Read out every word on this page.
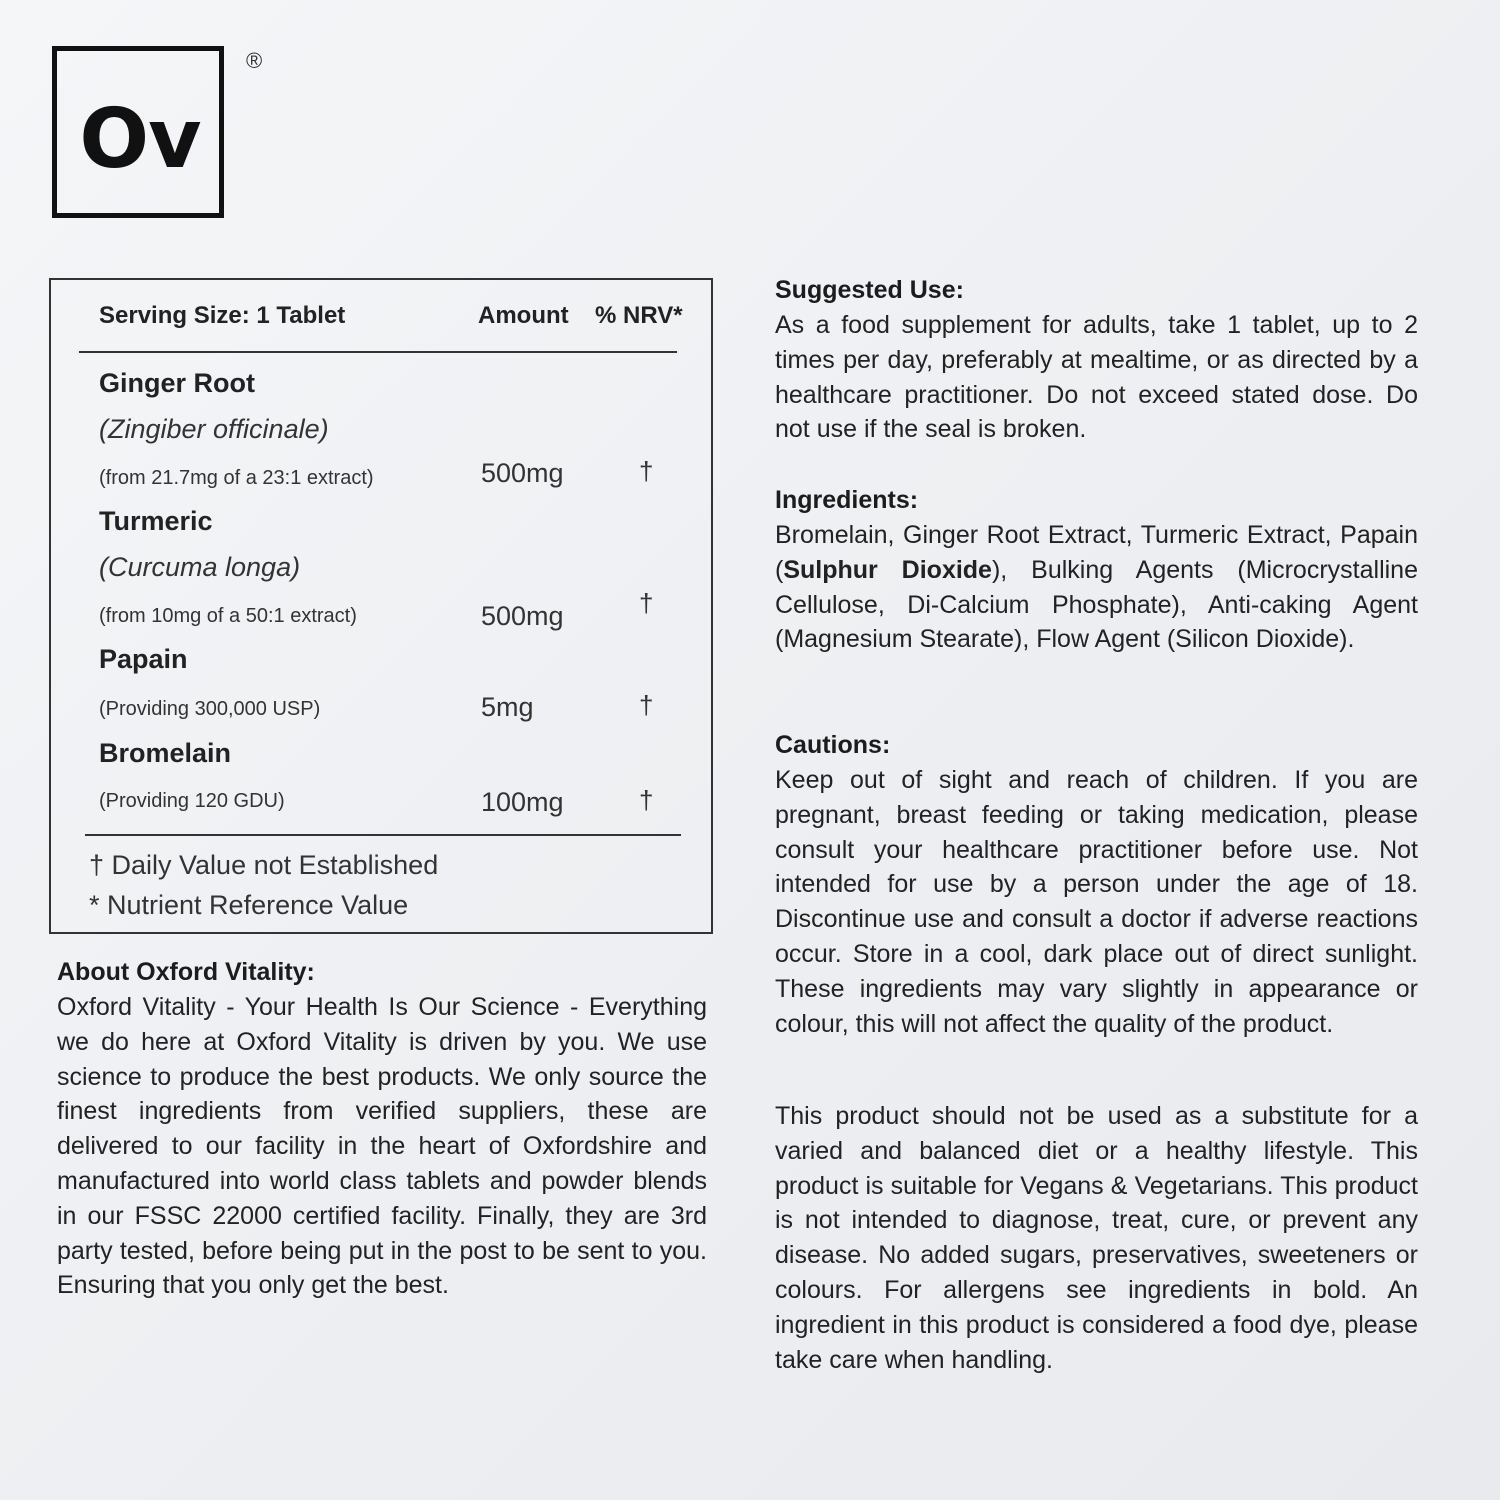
Ov
®
Serving Size: 1 Tablet	Amount % NRV*
Ginger Root
(Zingiber officinale)
(from 21.7mg of a 23:1 extract)	500mg	†
Turmeric
(Curcuma longa)
(from 10mg of a 50:1 extract)	500mg	†
Papain
(Providing 300,000 USP)	5mg	†
Bromelain
(Providing 120 GDU)	100mg	†
† Daily Value not Established
* Nutrient Reference Value
About Oxford Vitality:

Oxford Vitality - Your Health Is Our Science - Everything we do here at Oxford Vitality is driven by you. We use science to produce the best products. We only source the finest ingredients from verified suppliers, these are delivered to our facility in the heart of Oxfordshire and manufactured into world class tablets and powder blends in our FSSC 22000 certified facility. Finally, they are 3rd party tested, before being put in the post to be sent to you. Ensuring that you only get the best.

Suggested Use:

As a food supplement for adults, take 1 tablet, up to 2 times per day, preferably at mealtime, or as directed by a healthcare practitioner. Do not exceed stated dose. Do not use if the seal is broken.

Ingredients:

Bromelain, Ginger Root Extract, Turmeric Extract, Papain (Sulphur Dioxide), Bulking Agents (Microcrystalline Cellulose, Di-Calcium Phosphate), Anti-caking Agent (Magnesium Stearate), Flow Agent (Silicon Dioxide).

Cautions:

Keep out of sight and reach of children. If you are pregnant, breast feeding or taking medication, please consult your healthcare practitioner before use. Not intended for use by a person under the age of 18. Discontinue use and consult a doctor if adverse reactions occur. Store in a cool, dark place out of direct sunlight. These ingredients may vary slightly in appearance or colour, this will not affect the quality of the product.

This product should not be used as a substitute for a varied and balanced diet or a healthy lifestyle. This product is suitable for Vegans & Vegetarians. This product is not intended to diagnose, treat, cure, or prevent any disease. No added sugars, preservatives, sweeteners or colours. For allergens see ingredients in bold. An ingredient in this product is considered a food dye, please take care when handling.
